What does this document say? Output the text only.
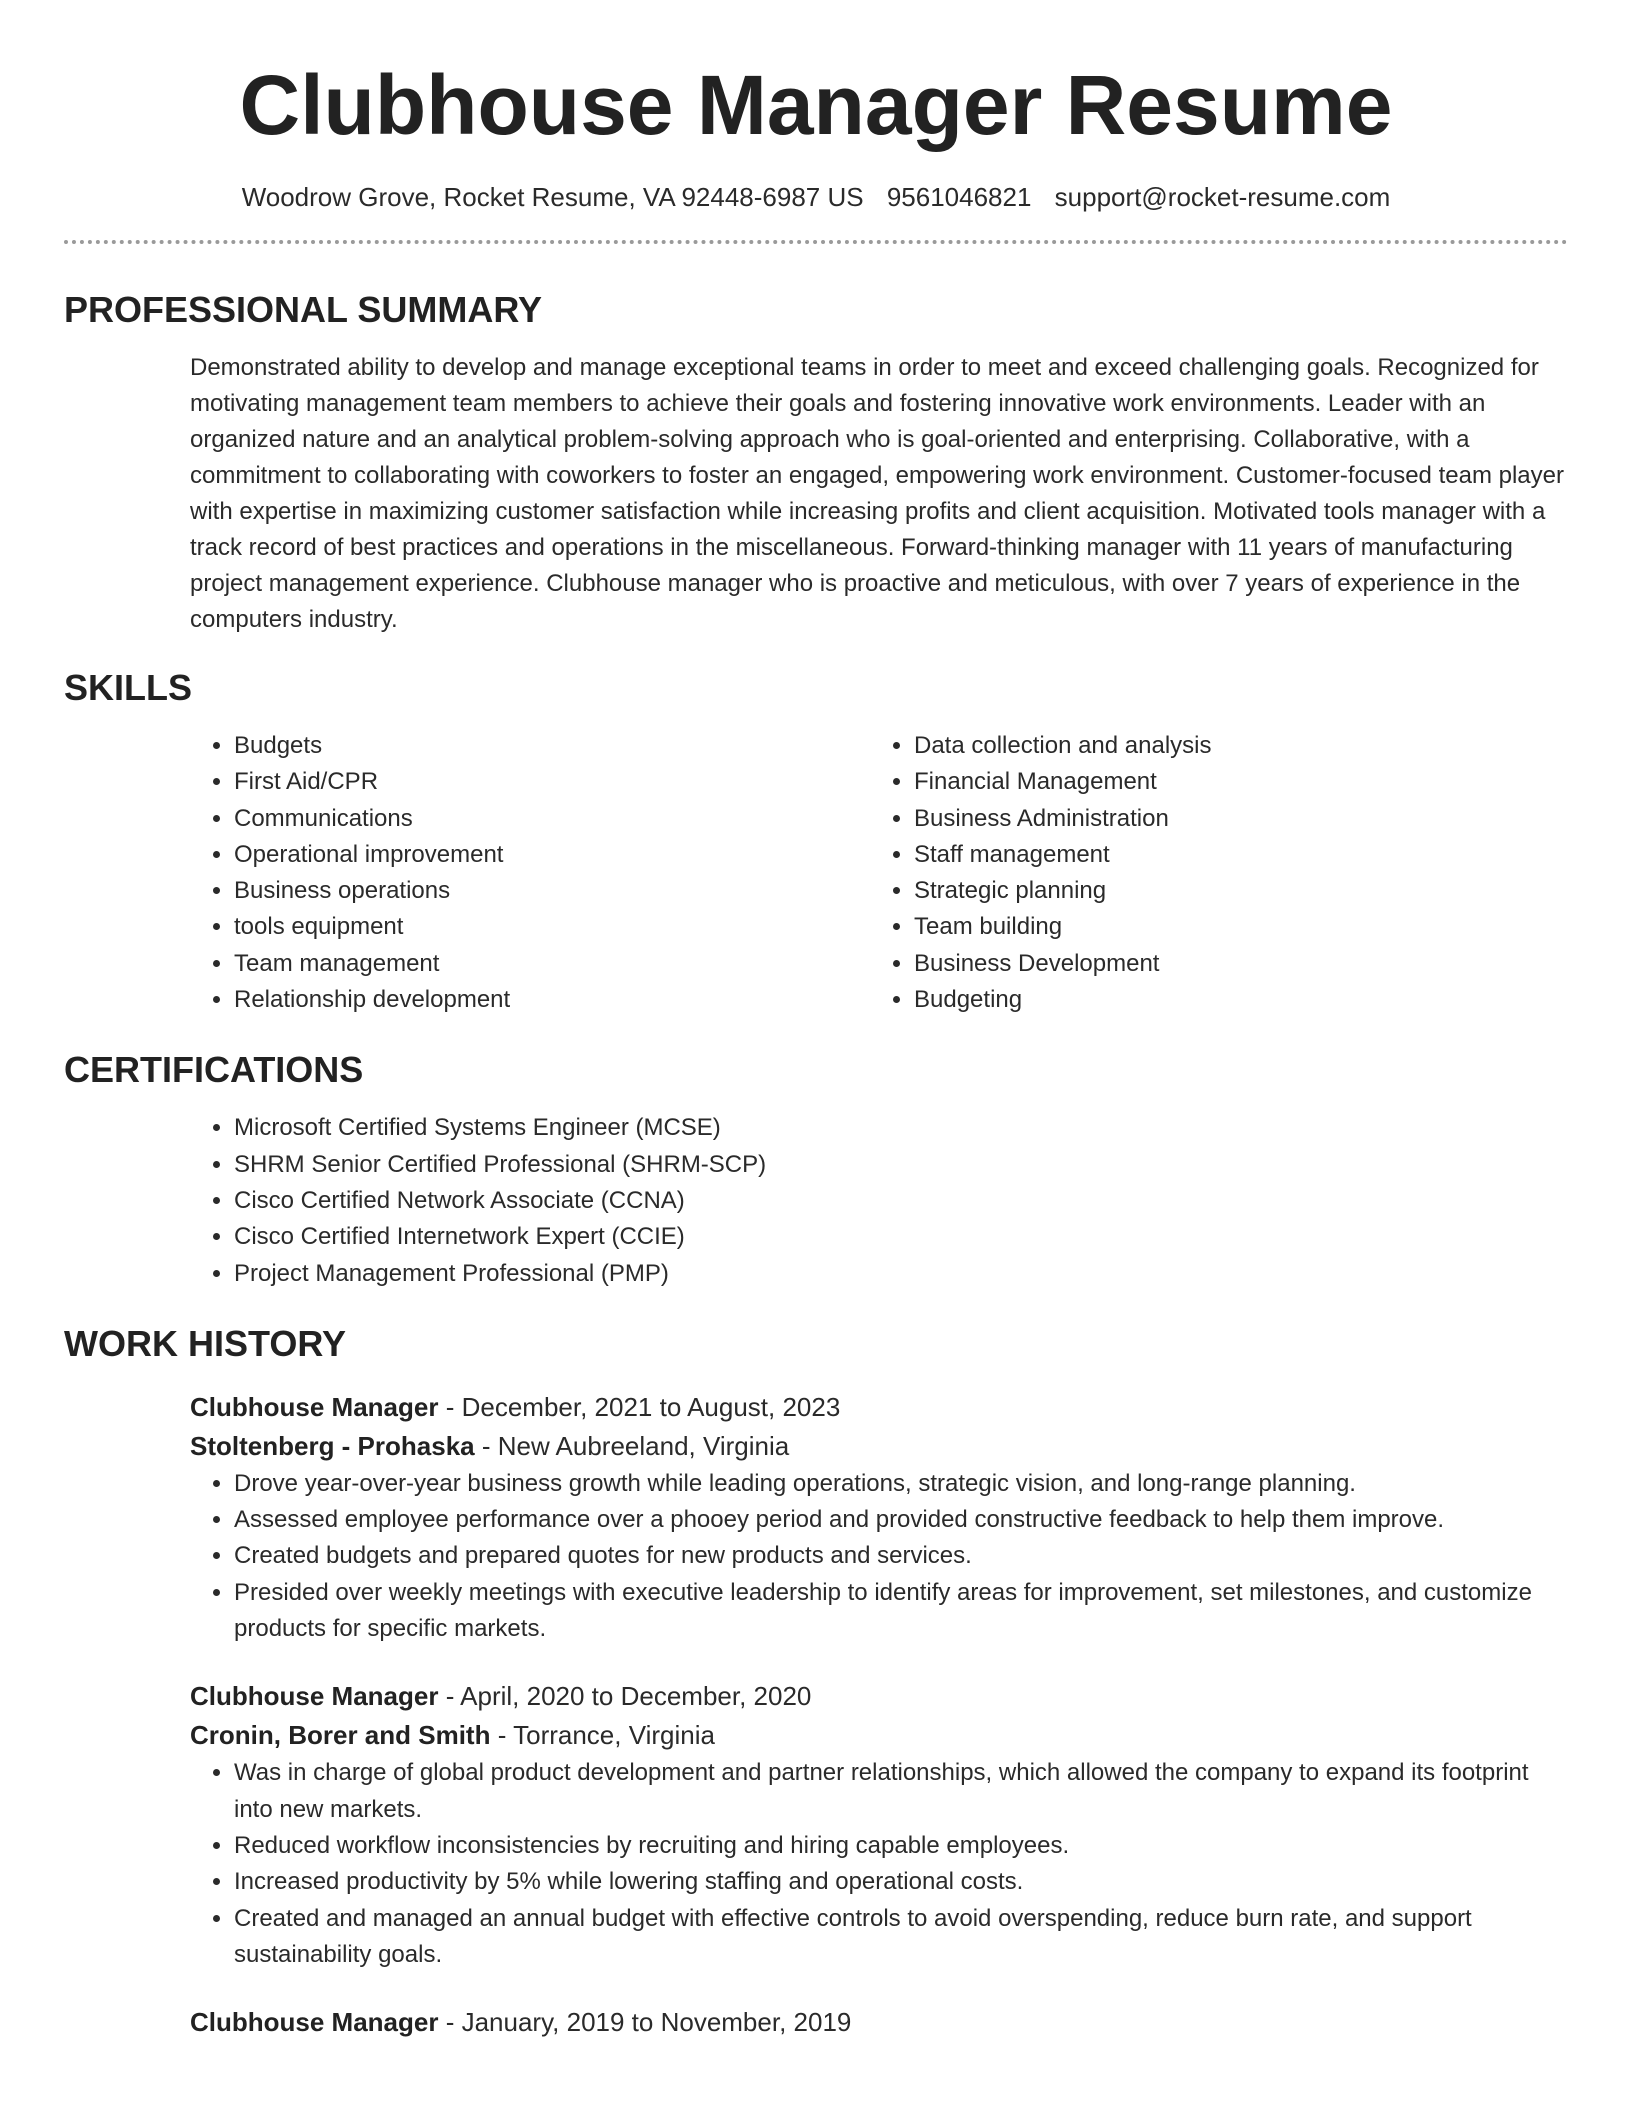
Clubhouse Manager Resume
Woodrow Grove, Rocket Resume, VA 92448-6987 US 9561046821 support@rocket-resume.com
PROFESSIONAL SUMMARY

Demonstrated ability to develop and manage exceptional teams in order to meet and exceed challenging goals. Recognized for motivating management team members to achieve their goals and fostering innovative work environments. Leader with an organized nature and an analytical problem-solving approach who is goal-oriented and enterprising. Collaborative, with a commitment to collaborating with coworkers to foster an engaged, empowering work environment. Customer-focused team player with expertise in maximizing customer satisfaction while increasing profits and client acquisition. Motivated tools manager with a track record of best practices and operations in the miscellaneous. Forward-thinking manager with 11 years of manufacturing project management experience. Clubhouse manager who is proactive and meticulous, with over 7 years of experience in the computers industry.

SKILLS
• Budgets
• First Aid/CPR
• Communications
• Operational improvement
• Business operations
• tools equipment
• Team management
• Relationship development
• Data collection and analysis
• Financial Management
• Business Administration
• Staff management
• Strategic planning
• Team building
• Business Development
• Budgeting
CERTIFICATIONS
• Microsoft Certified Systems Engineer (MCSE)
• SHRM Senior Certified Professional (SHRM-SCP)
• Cisco Certified Network Associate (CCNA)
• Cisco Certified Internetwork Expert (CCIE)
• Project Management Professional (PMP)
WORK HISTORY
Clubhouse Manager - December, 2021 to August, 2023
Stoltenberg - Prohaska - New Aubreeland, Virginia
• Drove year-over-year business growth while leading operations, strategic vision, and long-range planning.
• Assessed employee performance over a phooey period and provided constructive feedback to help them improve.
• Created budgets and prepared quotes for new products and services.
• Presided over weekly meetings with executive leadership to identify areas for improvement, set milestones, and customize products for specific markets.
Clubhouse Manager - April, 2020 to December, 2020
Cronin, Borer and Smith - Torrance, Virginia
• Was in charge of global product development and partner relationships, which allowed the company to expand its footprint into new markets.
• Reduced workflow inconsistencies by recruiting and hiring capable employees.
• Increased productivity by 5% while lowering staffing and operational costs.
• Created and managed an annual budget with effective controls to avoid overspending, reduce burn rate, and support sustainability goals.
Clubhouse Manager - January, 2019 to November, 2019
